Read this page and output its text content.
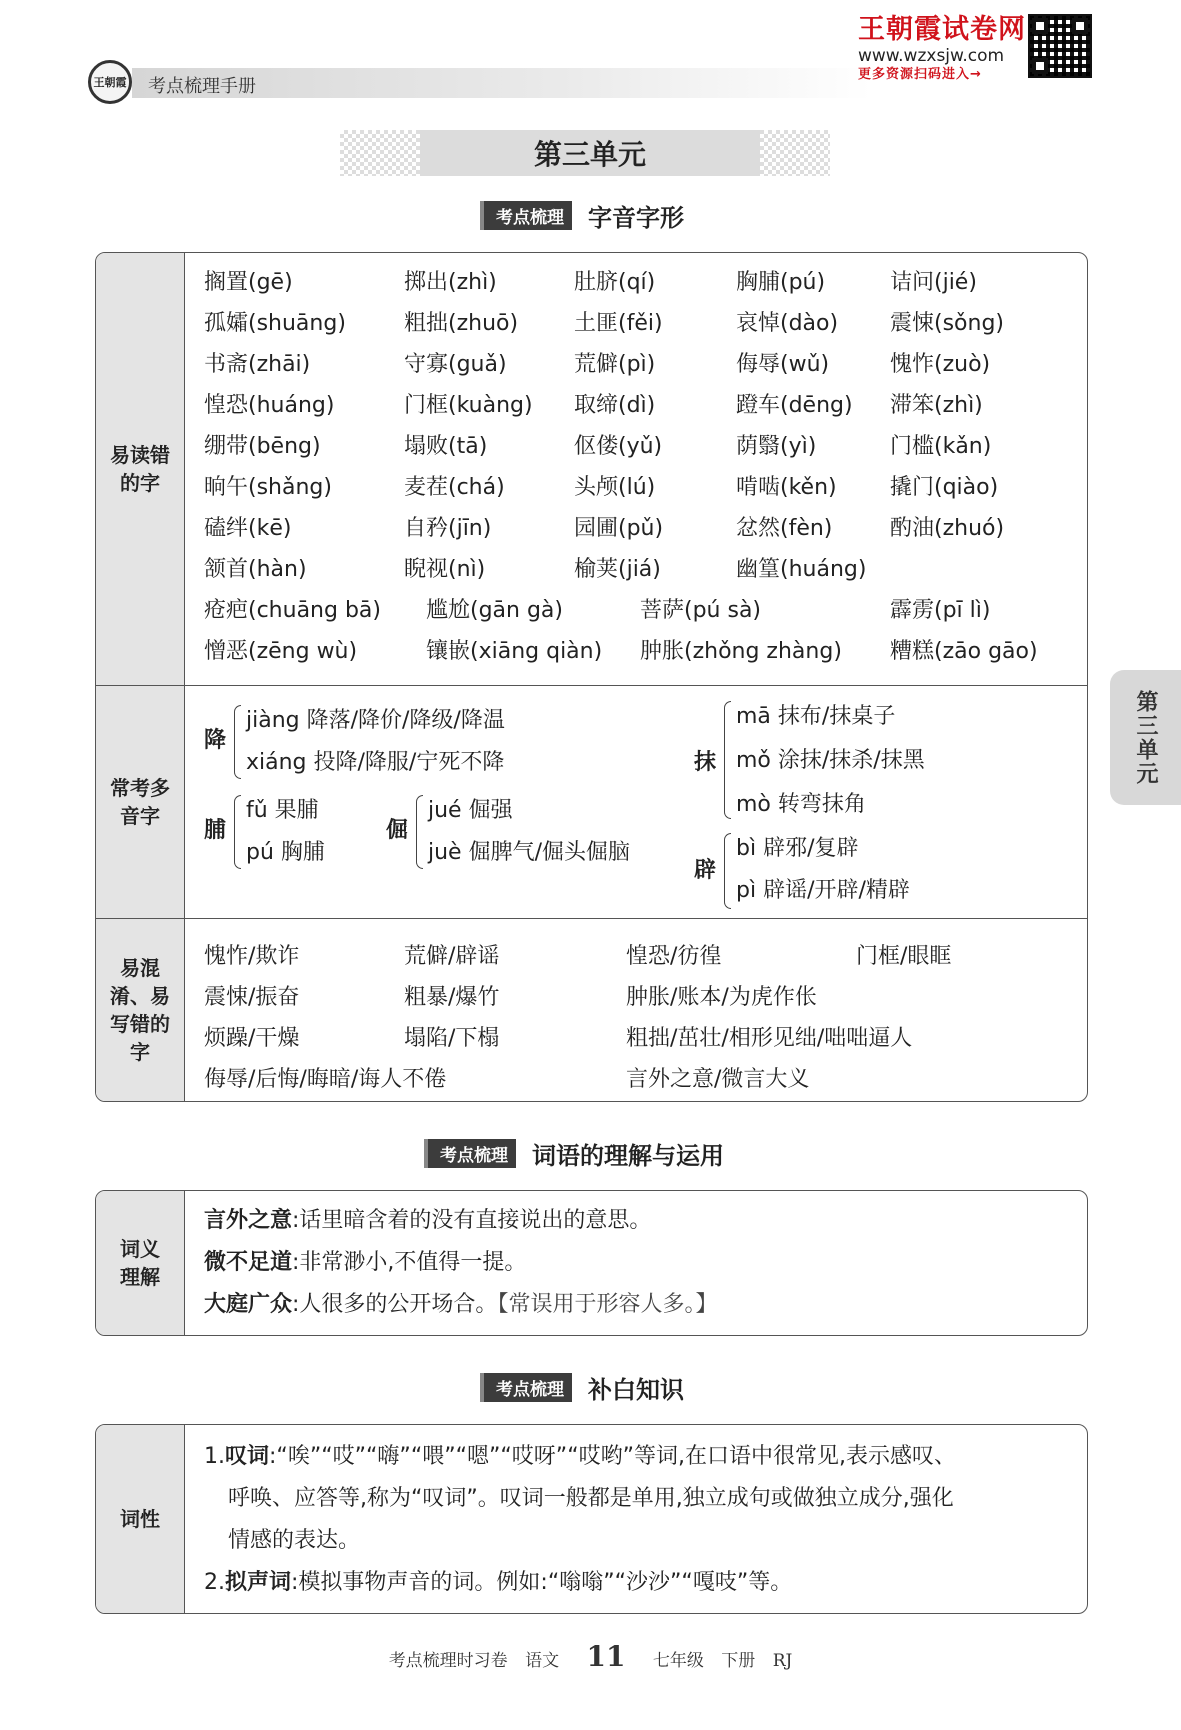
王朝霞 考点梳理手册
王朝霞试卷网
www.wzxsjw.com
更多资源扫码进入→
第三单元
第三单元
考点梳理	字音字形
易读错的字
常考多音字
易混淆、易写错的字
搁置(gē)	掷出(zhì)	肚脐(qí)	胸脯(pú)	诘问(jié)
孤孀(shuāng)	粗拙(zhuō)	土匪(fěi)	哀悼(dào) 震悚(sǒng)
书斋(zhāi)	守寡(guǎ)	荒僻(pì)	侮辱(wǔ)	愧怍(zuò)
惶恐(huáng)	门框(kuàng) 取缔(dì)	蹬车(dēng) 滞笨(zhì)
绷带(bēng)	塌败(tā)	伛偻(yǔ)	荫翳(yì)	门槛(kǎn)
晌午(shǎng)	麦茬(chá)	头颅(lú)	啃啮(kěn) 撬门(qiào)
磕绊(kē)	自矜(jīn)	园圃(pǔ)	忿然(fèn)	酌油(zhuó)
颔首(hàn)	睨视(nì)	榆荚(jiá)	幽篁(huáng)
疮疤(chuāng bā) 尴尬(gān gà)	菩萨(pú sà)	霹雳(pī lì)
憎恶(zēng wù)	镶嵌(xiāng qiàn) 肿胀(zhǒng zhàng) 糟糕(zāo gāo)
降
jiàng 降落/降价/降级/降温
xiáng 投降/降服/宁死不降
脯
fǔ 果脯
pú 胸脯
倔
jué 倔强
juè 倔脾气/倔头倔脑
抹
mā 抹布/抹桌子
mǒ 涂抹/抹杀/抹黑
mò 转弯抹角
辟
bì 辟邪/复辟
pì 辟谣/开辟/精辟
愧怍/欺诈	荒僻/辟谣	惶恐/彷徨	门框/眼眶
震悚/振奋	粗暴/爆竹	肿胀/账本/为虎作伥
烦躁/干燥	塌陷/下榻	粗拙/茁壮/相形见绌/咄咄逼人
侮辱/后悔/晦暗/诲人不倦	言外之意/微言大义
考点梳理	词语的理解与运用
词义理解
言外之意:话里暗含着的没有直接说出的意思。
微不足道:非常渺小,不值得一提。
大庭广众:人很多的公开场合。【常误用于形容人多。】
考点梳理	补白知识
词性
1.叹词:“唉”“哎”“嗨”“喂”“嗯”“哎呀”“哎哟”等词,在口语中很常见,表示感叹、
呼唤、应答等,称为“叹词”。叹词一般都是单用,独立成句或做独立成分,强化
情感的表达。
2.拟声词:模拟事物声音的词。例如:“嗡嗡”“沙沙”“嘎吱”等。
考点梳理时习卷 语文 11 七年级 下册 RJ
